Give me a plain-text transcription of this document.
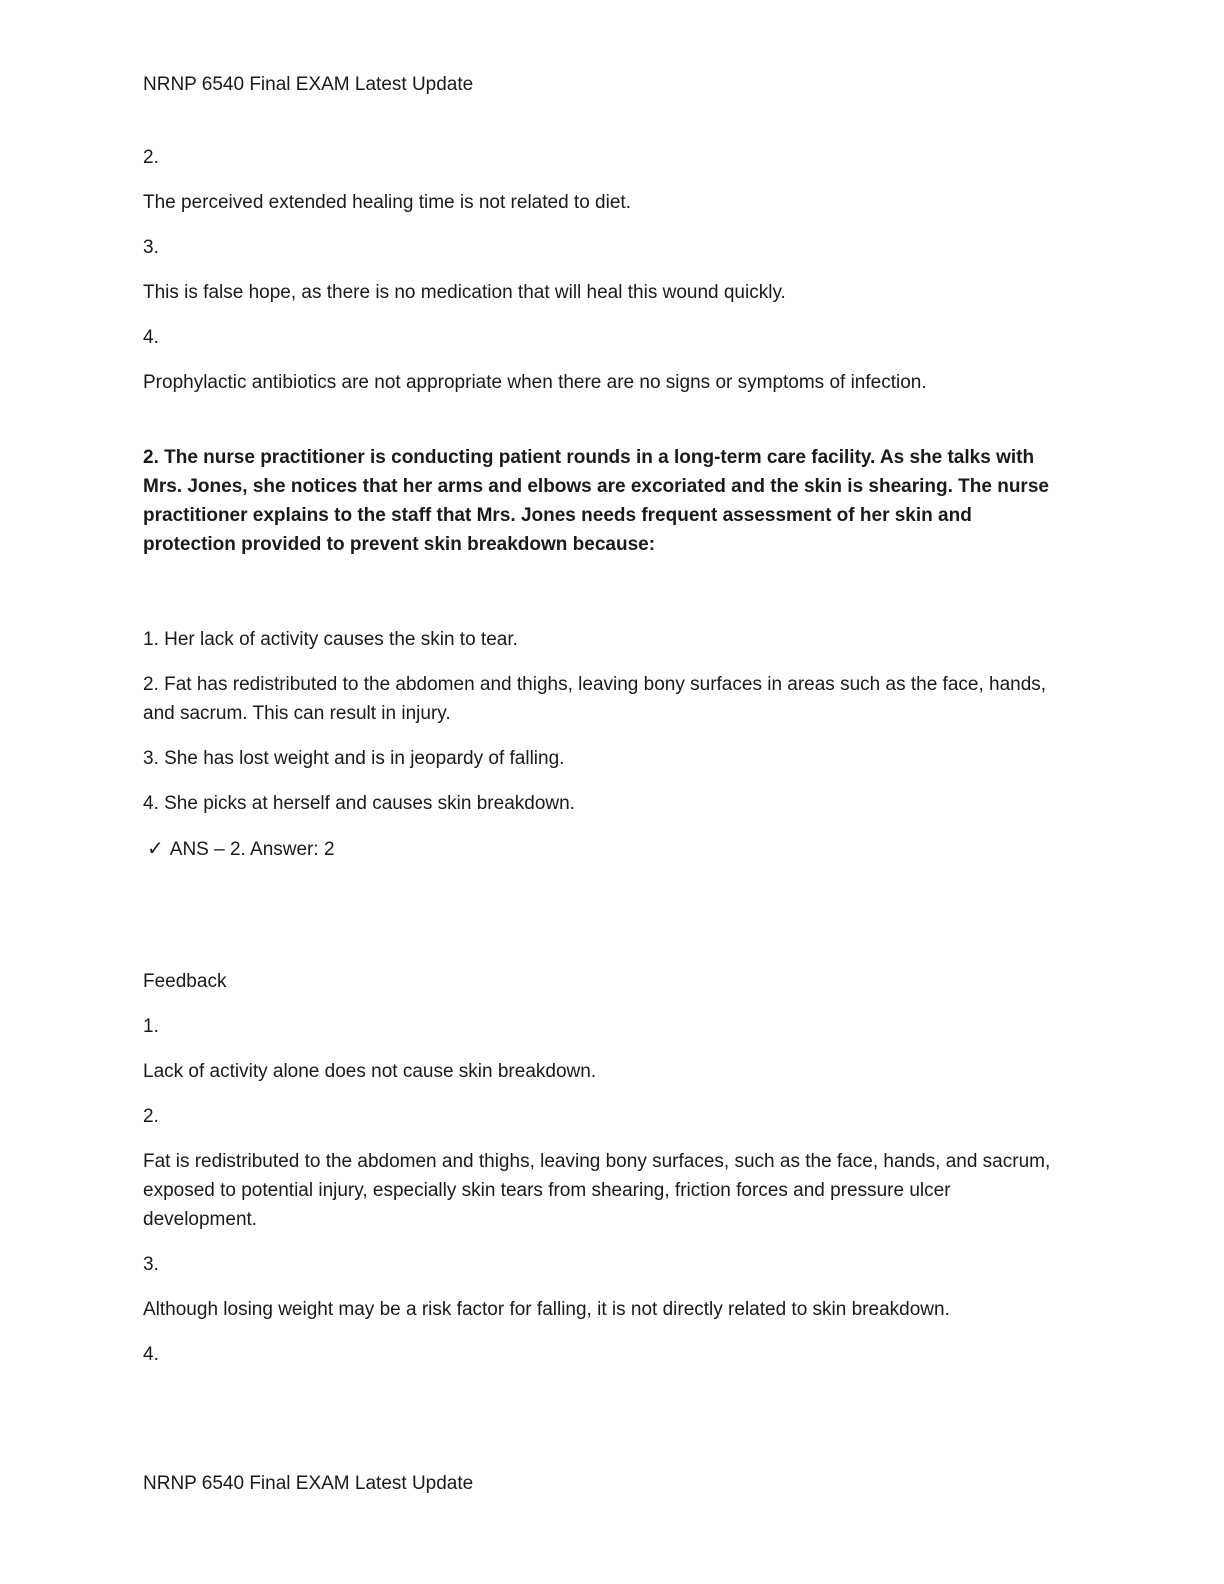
NRNP 6540 Final EXAM Latest Update

2.

The perceived extended healing time is not related to diet.

3.

This is false hope, as there is no medication that will heal this wound quickly.

4.

Prophylactic antibiotics are not appropriate when there are no signs or symptoms of infection.

2. The nurse practitioner is conducting patient rounds in a long-term care facility. As she talks with Mrs. Jones, she notices that her arms and elbows are excoriated and the skin is shearing. The nurse practitioner explains to the staff that Mrs. Jones needs frequent assessment of her skin and protection provided to prevent skin breakdown because:

1. Her lack of activity causes the skin to tear.

2. Fat has redistributed to the abdomen and thighs, leaving bony surfaces in areas such as the face, hands, and sacrum. This can result in injury.

3. She has lost weight and is in jeopardy of falling.

4. She picks at herself and causes skin breakdown.

✓ ANS – 2. Answer: 2

Feedback

1.

Lack of activity alone does not cause skin breakdown.

2.

Fat is redistributed to the abdomen and thighs, leaving bony surfaces, such as the face, hands, and sacrum, exposed to potential injury, especially skin tears from shearing, friction forces and pressure ulcer development.

3.

Although losing weight may be a risk factor for falling, it is not directly related to skin breakdown.

4.

NRNP 6540 Final EXAM Latest Update
